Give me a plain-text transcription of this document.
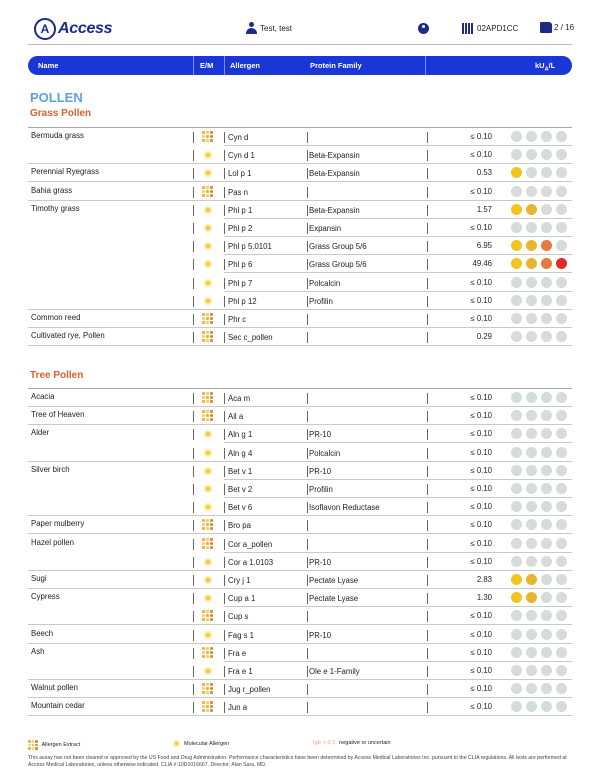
A Access	Test, test	02APD1CC	2 / 16
Name	E/M Allergen	Protein Family	$kU_A/L$
POLLEN
Grass Pollen
Bermuda grass	Cyn d	≤ 0.10
Cyn d 1	Beta-Expansin	≤ 0.10
Perennial Ryegrass	Lol p 1	Beta-Expansin	0.53
Bahia grass	Pas n	≤ 0.10
Timothy grass	Phl p 1	Beta-Expansin	1.57
Phl p 2	Expansin	≤ 0.10
Phl p 5.0101	Grass Group 5/6	6.95
Phl p 6	Grass Group 5/6	49.46
Phl p 7	Polcalcin	≤ 0.10
Phl p 12	Profilin	≤ 0.10
Common reed	Phr c	≤ 0.10
Cultivated rye, Pollen	Sec c_pollen	0.29
Tree Pollen
Acacia	Aca m	≤ 0.10
Tree of Heaven	Ail a	≤ 0.10
Alder	Aln g 1	PR-10	≤ 0.10
Aln g 4	Polcalcin	≤ 0.10
Silver birch	Bet v 1	PR-10	≤ 0.10
Bet v 2	Profilin	≤ 0.10
Bet v 6	Isoflavon Reductase	≤ 0.10
Paper mulberry	Bro pa	≤ 0.10
Hazel pollen	Cor a_pollen	≤ 0.10
Cor a 1.0103	PR-10	≤ 0.10
Sugi	Cry j 1	Pectate Lyase	2.83
Cypress	Cup a 1	Pectate Lyase	1.30
Cup s	≤ 0.10
Beech	Fag s 1	PR-10	≤ 0.10
Ash	Fra e	≤ 0.10
Fra e 1	Ole e 1-Family	≤ 0.10
Walnut pollen	Jug r_pollen	≤ 0.10
Mountain cedar	Jun a	≤ 0.10
Allergen Extract	Molecular Allergen	IgE < 0.3 negative or uncertain
This assay has not been cleared or approved by the US Food and Drug Administration. Performance characteristics have been determined by Access Medical Laboratories Inc. pursuant to the CLIA regulations. All tests are performed at Access Medical Laboratories, unless otherwise indicated. CLIA #:10D1016667. Director: Alan Sara, MD.
